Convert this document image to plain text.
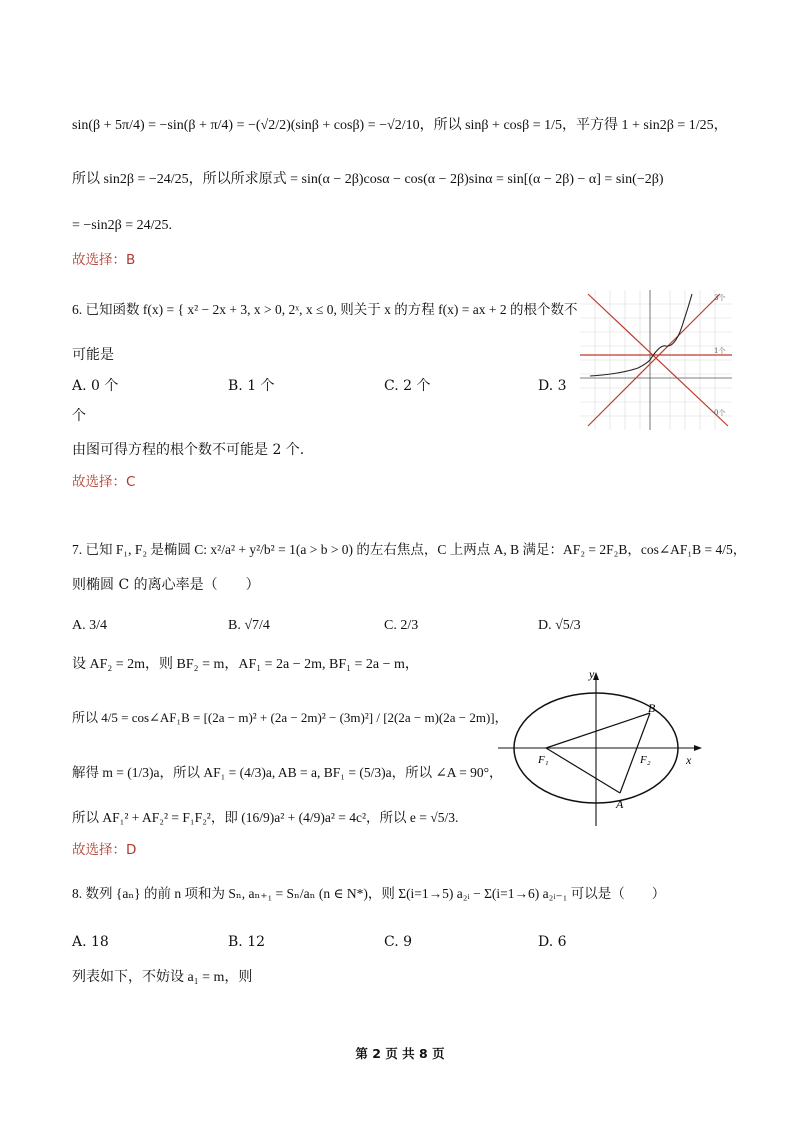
sin(β + 5π/4) = −sin(β + π/4) = −(√2/2)(sinβ + cosβ) = −√2/10，所以 sinβ + cosβ = 1/5，平方得 1 + sin2β = 1/25，
所以 sin2β = −24/25，所以所求原式 = sin(α − 2β)cosα − cos(α − 2β)sinα = sin[(α − 2β) − α] = sin(−2β)
= −sin2β = 24/25.
故选择：B
6. 已知函数 f(x) = { x² − 2x + 3, x > 0, 2ˣ, x ≤ 0, 则关于 x 的方程 f(x) = ax + 2 的根个数不
可能是
A. 0 个	B. 1 个	C. 2 个	D. 3
个
由图可得方程的根个数不可能是 2 个.
故选择：C
3个
1个
0个
7. 已知 F₁, F₂ 是椭圆 C: x²/a² + y²/b² = 1(a > b > 0) 的左右焦点，C 上两点 A, B 满足：AF₂ = 2F₂B，cos∠AF₁B = 4/5，
则椭圆 C 的离心率是（　　）
A. 3/4	B. √7/4	C. 2/3	D. √5/3
设 AF₂ = 2m，则 BF₂ = m，AF₁ = 2a − 2m, BF₁ = 2a − m，
所以 4/5 = cos∠AF₁B = [(2a − m)² + (2a − 2m)² − (3m)²] / [2(2a − m)(2a − 2m)]，
解得 m = (1/3)a，所以 AF₁ = (4/3)a, AB = a, BF₁ = (5/3)a，所以 ∠A = 90°，
所以 AF₁² + AF₂² = F₁F₂²，即 (16/9)a² + (4/9)a² = 4c²，所以 e = √5/3.
故选择：D
y
x
B
F₁	F₂
A
8. 数列 {aₙ} 的前 n 项和为 Sₙ, aₙ₊₁ = Sₙ/aₙ (n ∈ N*)，则 Σ(i=1→5) a₂ᵢ − Σ(i=1→6) a₂ᵢ₋₁ 可以是（　　）
A. 18	B. 12	C. 9	D. 6
列表如下，不妨设 a₁ = m，则
第 2 页 共 8 页
